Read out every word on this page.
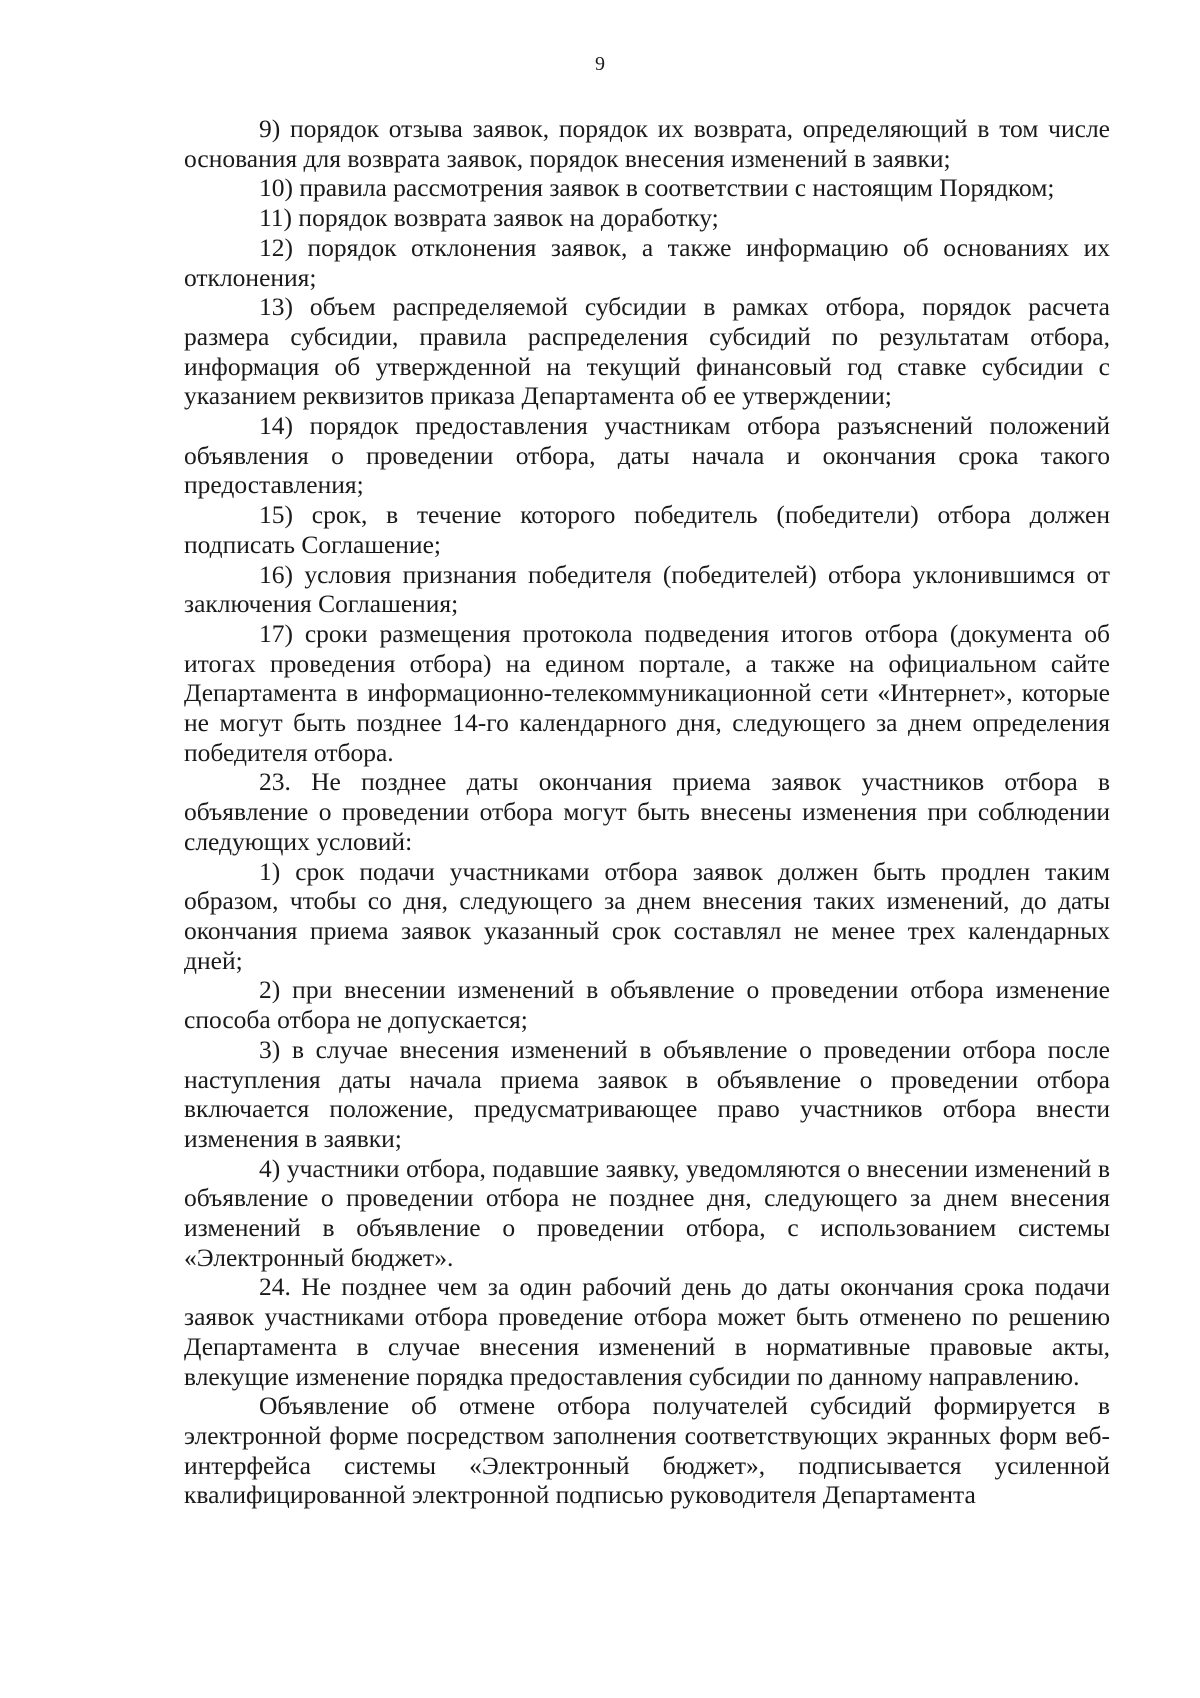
9

9) порядок отзыва заявок, порядок их возврата, определяющий в том числе основания для возврата заявок, порядок внесения изменений в заявки;

10) правила рассмотрения заявок в соответствии с настоящим Порядком;

11) порядок возврата заявок на доработку;

12) порядок отклонения заявок, а также информацию об основаниях их отклонения;

13) объем распределяемой субсидии в рамках отбора, порядок расчета размера субсидии, правила распределения субсидий по результатам отбора, информация об утвержденной на текущий финансовый год ставке субсидии с указанием реквизитов приказа Департамента об ее утверждении;

14) порядок предоставления участникам отбора разъяснений положений объявления о проведении отбора, даты начала и окончания срока такого предоставления;

15) срок, в течение которого победитель (победители) отбора должен подписать Соглашение;

16) условия признания победителя (победителей) отбора уклонившимся от заключения Соглашения;

17) сроки размещения протокола подведения итогов отбора (документа об итогах проведения отбора) на едином портале, а также на официальном сайте Департамента в информационно-телекоммуникационной сети «Интернет», которые не могут быть позднее 14-го календарного дня, следующего за днем определения победителя отбора.

23. Не позднее даты окончания приема заявок участников отбора в объявление о проведении отбора могут быть внесены изменения при соблюдении следующих условий:

1) срок подачи участниками отбора заявок должен быть продлен таким образом, чтобы со дня, следующего за днем внесения таких изменений, до даты окончания приема заявок указанный срок составлял не менее трех календарных дней;

2) при внесении изменений в объявление о проведении отбора изменение способа отбора не допускается;

3) в случае внесения изменений в объявление о проведении отбора после наступления даты начала приема заявок в объявление о проведении отбора включается положение, предусматривающее право участников отбора внести изменения в заявки;

4) участники отбора, подавшие заявку, уведомляются о внесении изменений в объявление о проведении отбора не позднее дня, следующего за днем внесения изменений в объявление о проведении отбора, с использованием системы «Электронный бюджет».

24. Не позднее чем за один рабочий день до даты окончания срока подачи заявок участниками отбора проведение отбора может быть отменено по решению Департамента в случае внесения изменений в нормативные правовые акты, влекущие изменение порядка предоставления субсидии по данному направлению.

Объявление об отмене отбора получателей субсидий формируется в электронной форме посредством заполнения соответствующих экранных форм веб-интерфейса системы «Электронный бюджет», подписывается усиленной квалифицированной электронной подписью руководителя Департамента
